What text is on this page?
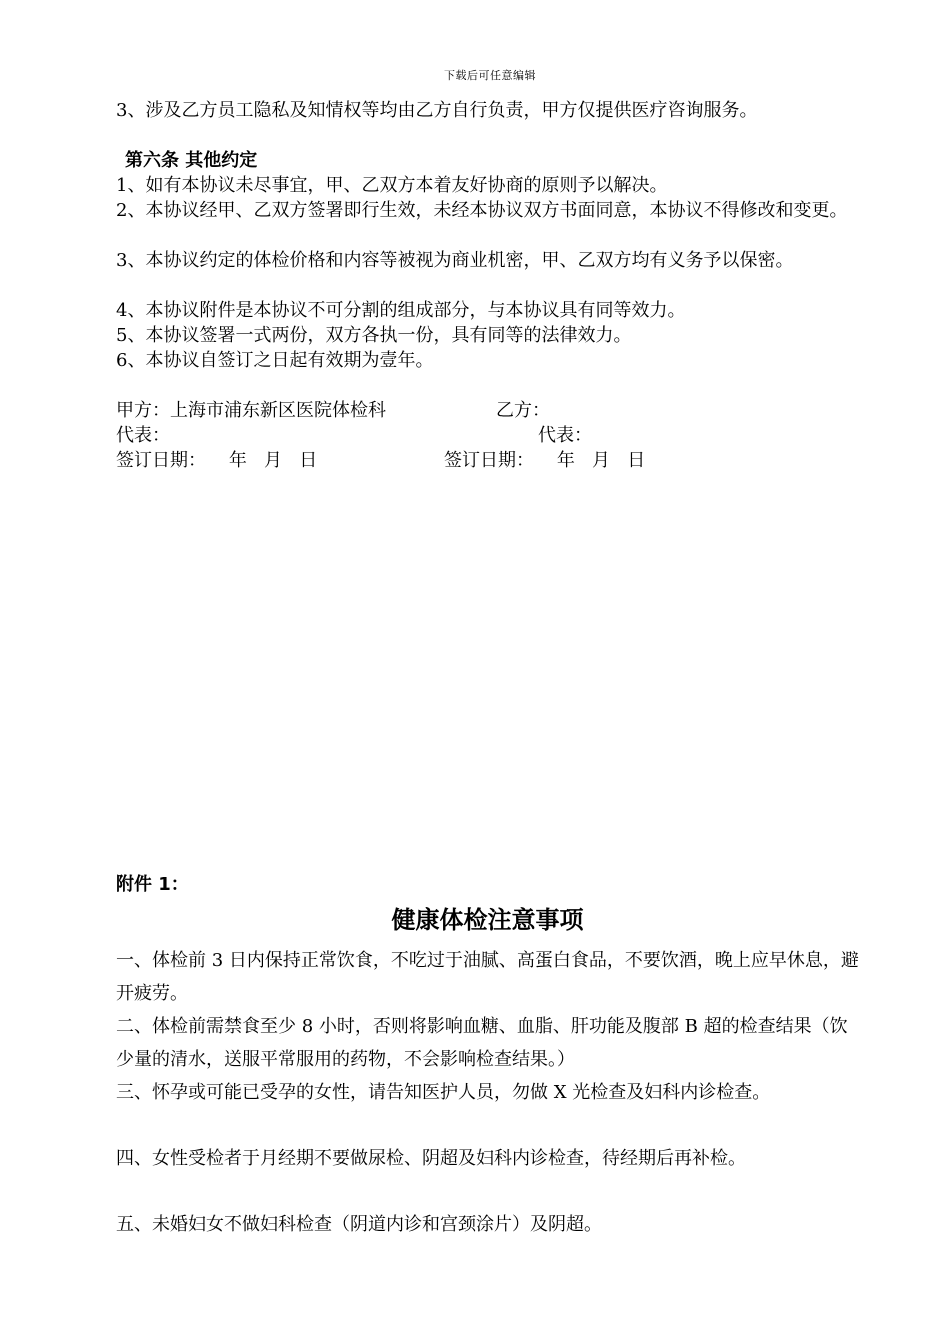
下载后可任意编辑
3、涉及乙方员工隐私及知情权等均由乙方自行负责，甲方仅提供医疗咨询服务。
第六条 其他约定
1、如有本协议未尽事宜，甲、乙双方本着友好协商的原则予以解决。
2、本协议经甲、乙双方签署即行生效，未经本协议双方书面同意，本协议不得修改和变更。
3、本协议约定的体检价格和内容等被视为商业机密，甲、乙双方均有义务予以保密。
4、本协议附件是本协议不可分割的组成部分，与本协议具有同等效力。
5、本协议签署一式两份，双方各执一份，具有同等的法律效力。
6、本协议自签订之日起有效期为壹年。
甲方：上海市浦东新区医院体检科	乙方：
代表：	代表：
签订日期：    年   月   日	签订日期：    年   月   日
附件 1：
健康体检注意事项
一、体检前 3 日内保持正常饮食，不吃过于油腻、高蛋白食品，不要饮酒，晚上应早休息，避开疲劳。
二、体检前需禁食至少 8 小时，否则将影响血糖、血脂、肝功能及腹部 B 超的检查结果（饮少量的清水，送服平常服用的药物，不会影响检查结果。）
三、怀孕或可能已受孕的女性，请告知医护人员，勿做 X 光检查及妇科内诊检查。
四、女性受检者于月经期不要做尿检、阴超及妇科内诊检查，待经期后再补检。
五、未婚妇女不做妇科检查（阴道内诊和宫颈涂片）及阴超。
